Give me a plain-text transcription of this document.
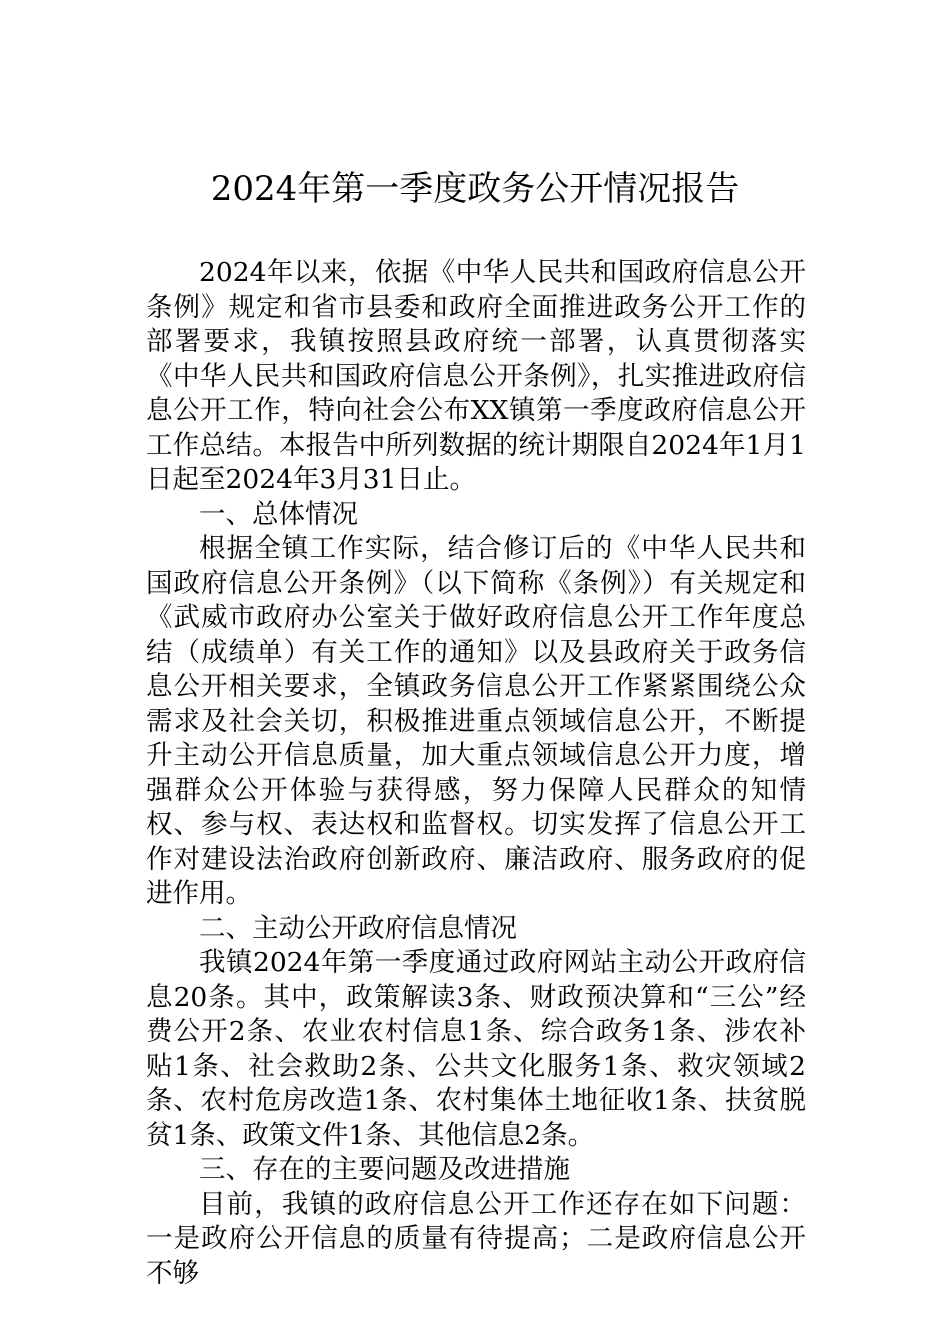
2024年第一季度政务公开情况报告

2024年以来，依据《中华人民共和国政府信息公开条例》规定和省市县委和政府全面推进政务公开工作的部署要求，我镇按照县政府统一部署，认真贯彻落实《中华人民共和国政府信息公开条例》，扎实推进政府信息公开工作，特向社会公布XX镇第一季度政府信息公开工作总结。本报告中所列数据的统计期限自2024年1月1日起至2024年3月31日止。

一、总体情况

根据全镇工作实际，结合修订后的《中华人民共和国政府信息公开条例》（以下简称《条例》）有关规定和《武威市政府办公室关于做好政府信息公开工作年度总结（成绩单）有关工作的通知》以及县政府关于政务信息公开相关要求，全镇政务信息公开工作紧紧围绕公众需求及社会关切，积极推进重点领域信息公开，不断提升主动公开信息质量，加大重点领域信息公开力度，增强群众公开体验与获得感，努力保障人民群众的知情权、参与权、表达权和监督权。切实发挥了信息公开工作对建设法治政府创新政府、廉洁政府、服务政府的促进作用。

二、主动公开政府信息情况

我镇2024年第一季度通过政府网站主动公开政府信息20条。其中，政策解读3条、财政预决算和“三公”经费公开2条、农业农村信息1条、综合政务1条、涉农补贴1条、社会救助2条、公共文化服务1条、救灾领域2条、农村危房改造1条、农村集体土地征收1条、扶贫脱贫1条、政策文件1条、其他信息2条。

三、存在的主要问题及改进措施

目前，我镇的政府信息公开工作还存在如下问题：一是政府公开信息的质量有待提高；二是政府信息公开不够
